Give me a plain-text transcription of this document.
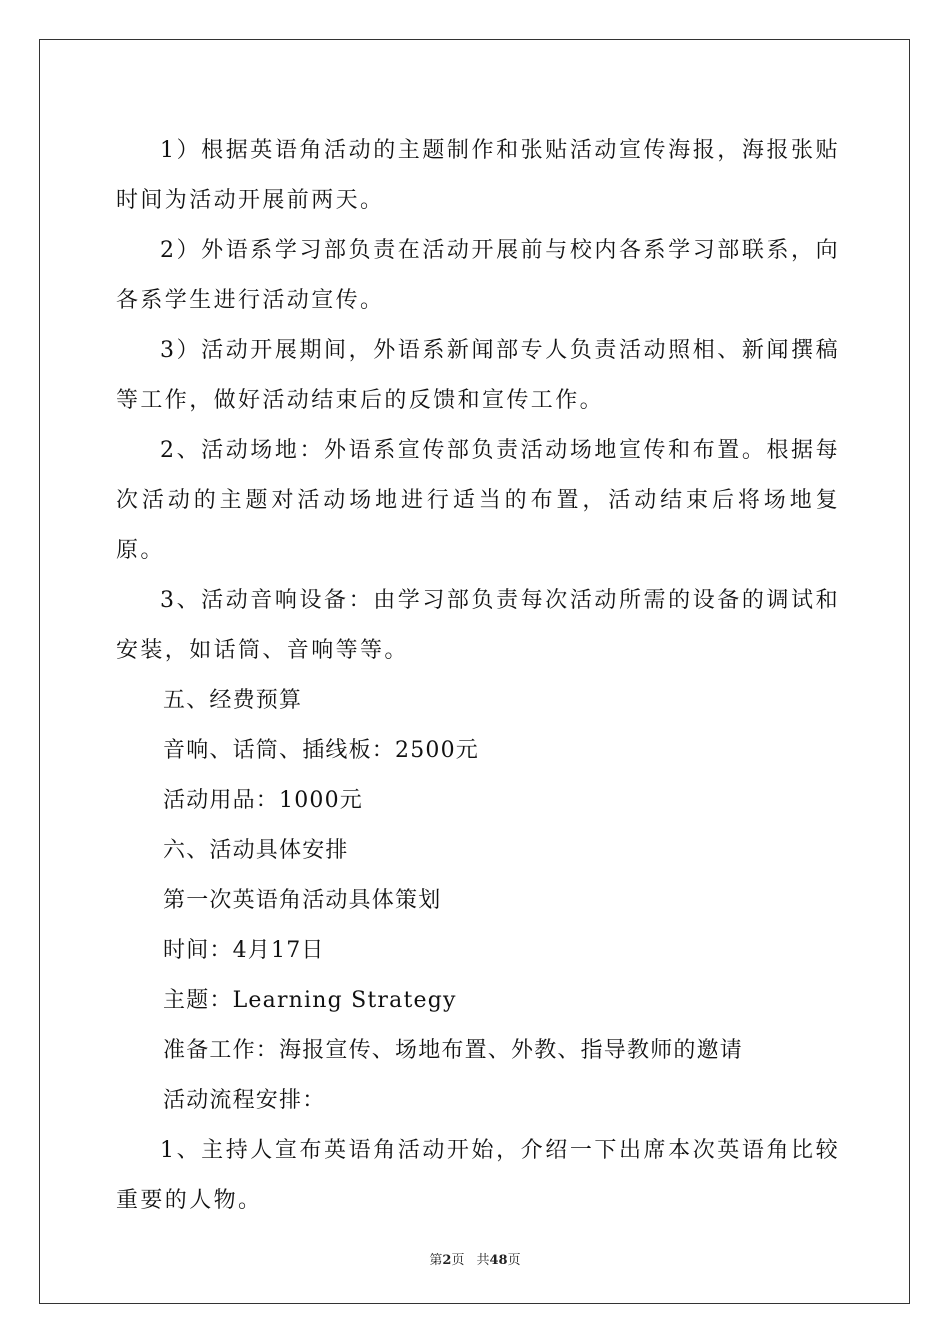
1）根据英语角活动的主题制作和张贴活动宣传海报，海报张贴时间为活动开展前两天。

2）外语系学习部负责在活动开展前与校内各系学习部联系，向各系学生进行活动宣传。

3）活动开展期间，外语系新闻部专人负责活动照相、新闻撰稿等工作，做好活动结束后的反馈和宣传工作。

2、活动场地：外语系宣传部负责活动场地宣传和布置。根据每次活动的主题对活动场地进行适当的布置，活动结束后将场地复原。

3、活动音响设备：由学习部负责每次活动所需的设备的调试和安装，如话筒、音响等等。

五、经费预算

音响、话筒、插线板：2500元

活动用品：1000元

六、活动具体安排

第一次英语角活动具体策划

时间：4月17日

主题：Learning Strategy

准备工作：海报宣传、场地布置、外教、指导教师的邀请

活动流程安排：

1、主持人宣布英语角活动开始，介绍一下出席本次英语角比较重要的人物。

第2页 共48页
